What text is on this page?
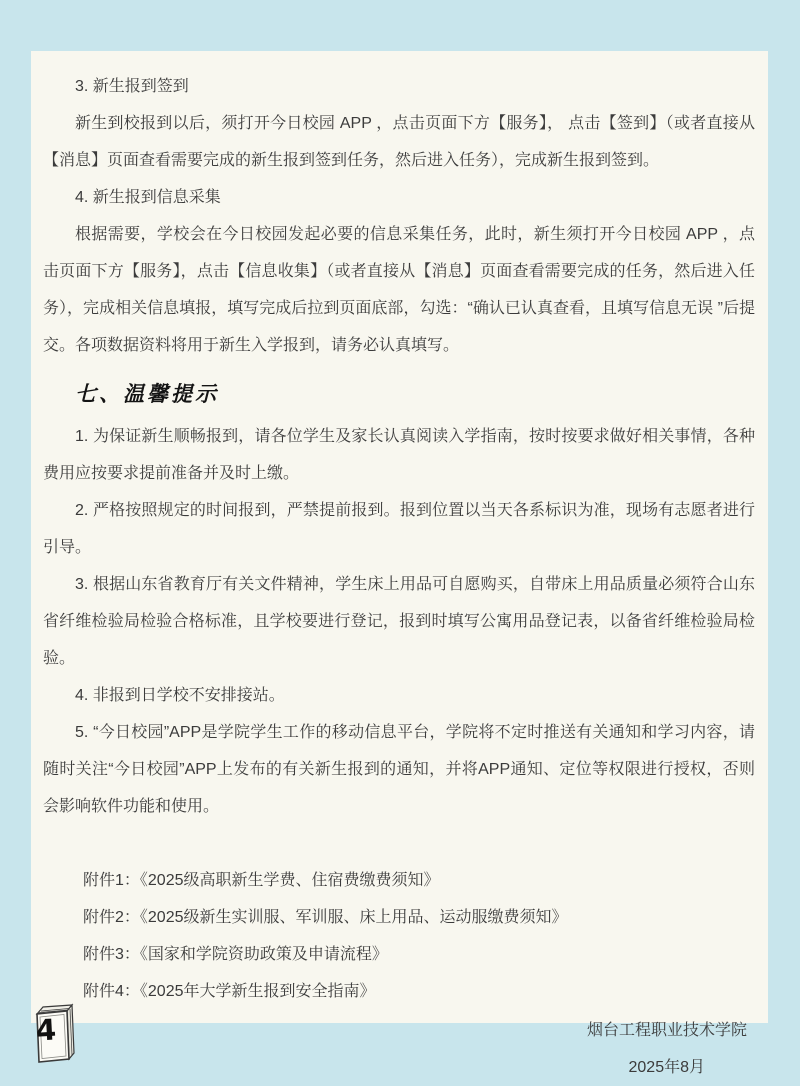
3. 新生报到签到

新生到校报到以后，须打开今日校园 APP ，点击页面下方【服务】， 点击【签到】（或者直接从【消息】页面查看需要完成的新生报到签到任务，然后进入任务），完成新生报到签到。

4. 新生报到信息采集

根据需要，学校会在今日校园发起必要的信息采集任务，此时，新生须打开今日校园 APP ，点击页面下方【服务】，点击【信息收集】（或者直接从【消息】页面查看需要完成的任务，然后进入任务），完成相关信息填报，填写完成后拉到页面底部，勾选：“确认已认真查看，且填写信息无误 ”后提交。各项数据资料将用于新生入学报到，请务必认真填写。

七、温馨提示

1. 为保证新生顺畅报到，请各位学生及家长认真阅读入学指南，按时按要求做好相关事情，各种费用应按要求提前准备并及时上缴。

2. 严格按照规定的时间报到，严禁提前报到。报到位置以当天各系标识为准，现场有志愿者进行引导。

3. 根据山东省教育厅有关文件精神，学生床上用品可自愿购买，自带床上用品质量必须符合山东省纤维检验局检验合格标准，且学校要进行登记，报到时填写公寓用品登记表，以备省纤维检验局检验。

4. 非报到日学校不安排接站。

5. “今日校园”APP是学院学生工作的移动信息平台，学院将不定时推送有关通知和学习内容，请随时关注“今日校园”APP上发布的有关新生报到的通知，并将APP通知、定位等权限进行授权，否则会影响软件功能和使用。

附件1：《2025级高职新生学费、住宿费缴费须知》

附件2：《2025级新生实训服、军训服、床上用品、运动服缴费须知》

附件3：《国家和学院资助政策及申请流程》

附件4：《2025年大学新生报到安全指南》

烟台工程职业技术学院

2025年8月

4
